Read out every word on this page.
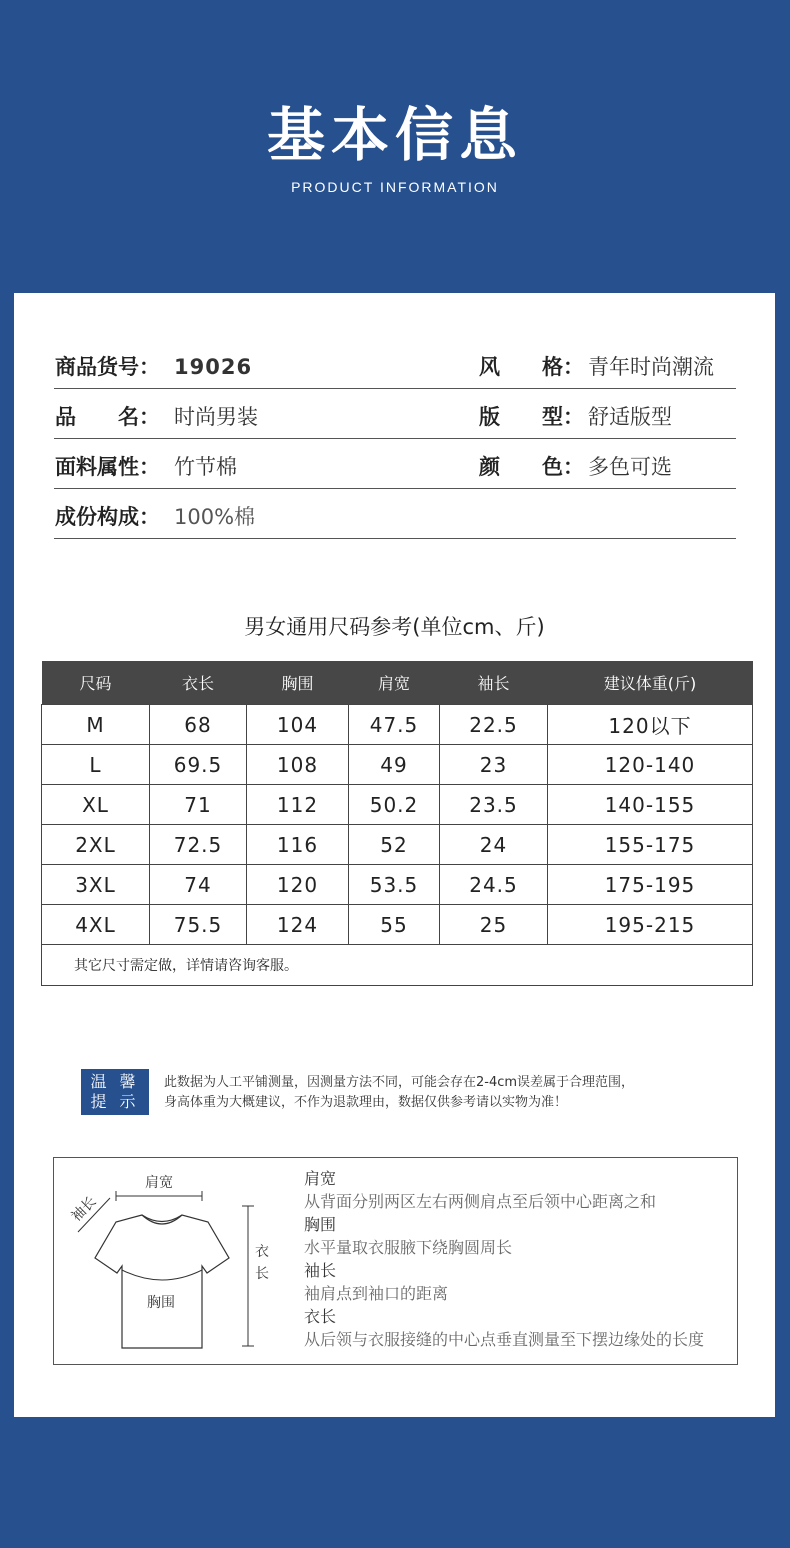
基本信息
PRODUCT INFORMATION
商品货号： 19026	风　　格： 青年时尚潮流
品　　名： 时尚男装	版　　型： 舒适版型
面料属性： 竹节棉	颜　　色： 多色可选
成份构成： 100%棉
男女通用尺码参考(单位cm、斤)
尺码	衣长	胸围	肩宽	袖长	建议体重(斤)
M	68	104	47.5	22.5	120以下
L	69.5	108	49	23	120-140
XL	71	112	50.2	23.5	140-155
2XL	72.5	116	52	24	155-175
3XL	74	120	53.5	24.5	175-195
4XL	75.5	124	55	25	195-215
其它尺寸需定做，详情请咨询客服。					
温 馨
提 示
此数据为人工平铺测量，因测量方法不同，可能会存在2-4cm误差属于合理范围，
身高体重为大概建议，不作为退款理由，数据仅供参考请以实物为准！
肩宽
袖长
胸围
衣
长
肩宽
从背面分别两区左右两侧肩点至后领中心距离之和
胸围
水平量取衣服腋下绕胸圆周长
袖长
袖肩点到袖口的距离
衣长
从后领与衣服接缝的中心点垂直测量至下摆边缘处的长度
